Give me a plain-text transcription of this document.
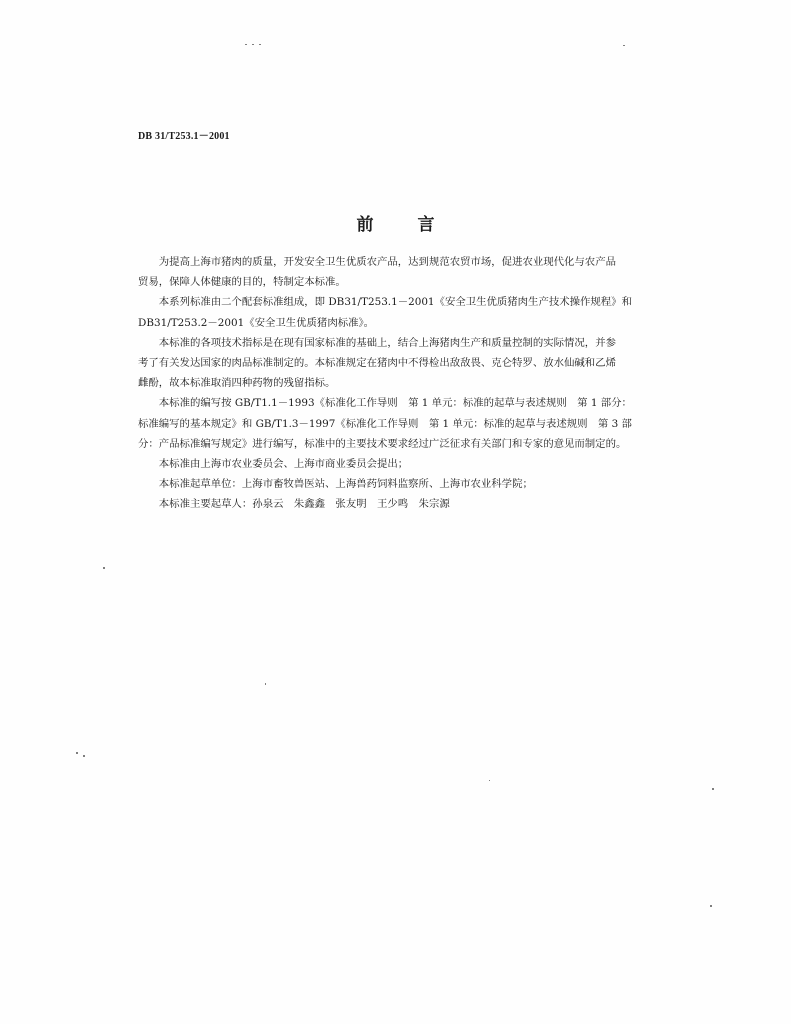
DB 31/T253.1－2001
前	言

为提高上海市猪肉的质量，开发安全卫生优质农产品，达到规范农贸市场，促进农业现代化与农产品
贸易，保障人体健康的目的，特制定本标准。

本系列标准由二个配套标准组成，即 DB31/T253.1－2001《安全卫生优质猪肉生产技术操作规程》和
DB31/T253.2－2001《安全卫生优质猪肉标准》。

本标准的各项技术指标是在现有国家标准的基础上，结合上海猪肉生产和质量控制的实际情况，并参
考了有关发达国家的肉品标准制定的。本标准规定在猪肉中不得检出敌敌畏、克仑特罗、放水仙碱和乙烯
雌酚，故本标准取消四种药物的残留指标。

本标准的编写按 GB/T1.1－1993《标准化工作导则　第 1 单元：标准的起草与表述规则　第 1 部分：
标准编写的基本规定》和 GB/T1.3－1997《标准化工作导则　第 1 单元：标准的起草与表述规则　第 3 部
分：产品标准编写规定》进行编写，标准中的主要技术要求经过广泛征求有关部门和专家的意见而制定的。

本标准由上海市农业委员会、上海市商业委员会提出；

本标准起草单位：上海市畜牧兽医站、上海兽药饲料监察所、上海市农业科学院；

本标准主要起草人：孙泉云　朱鑫鑫　张友明　王少鸣　朱宗源
